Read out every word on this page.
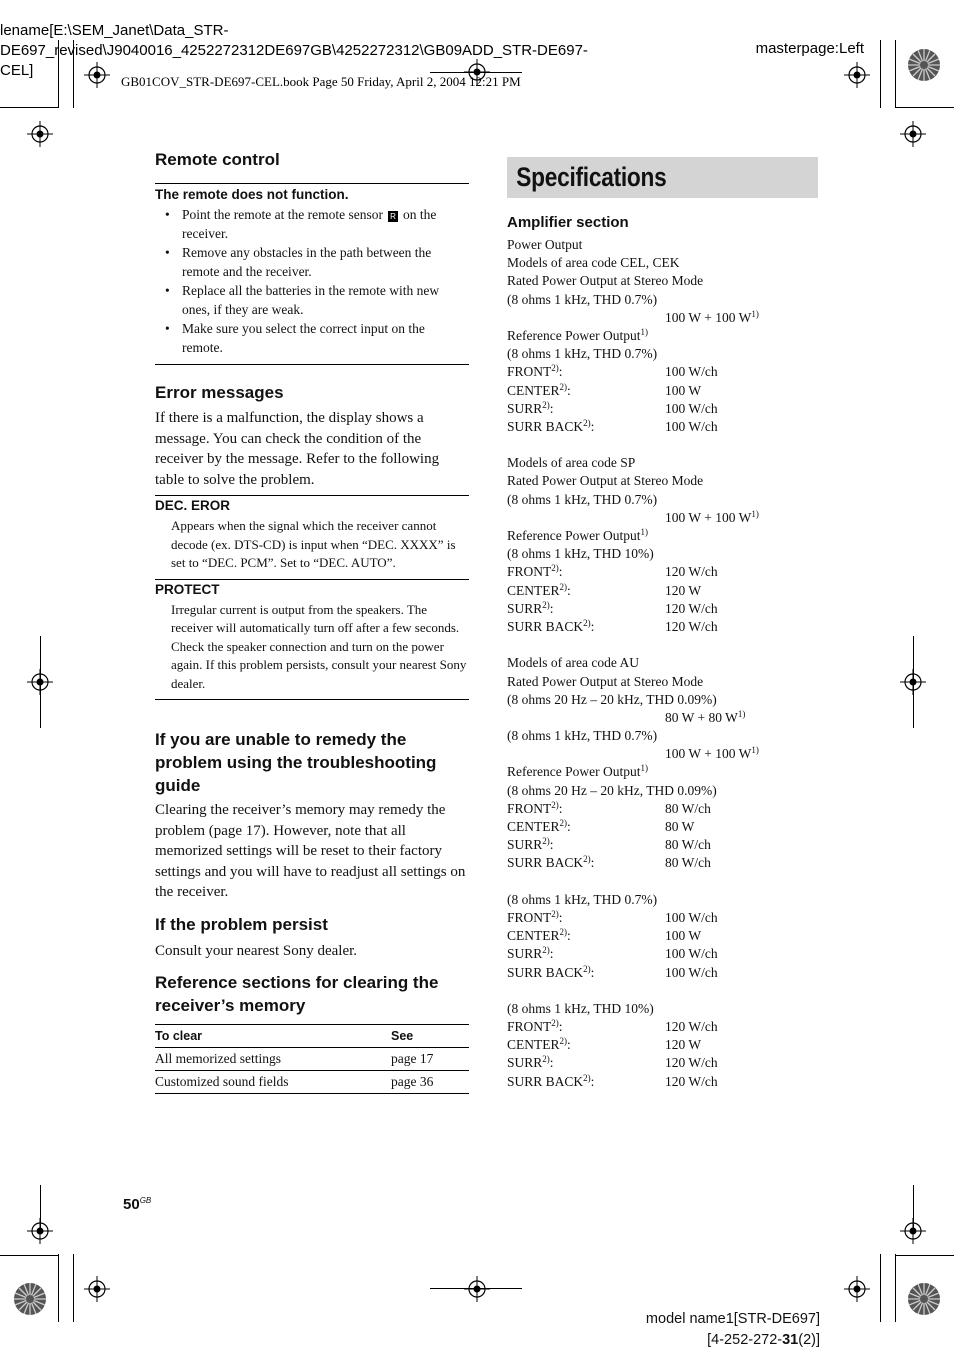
lename[E:\SEM_Janet\Data_STR-
DE697_revised\J9040016_4252272312DE697GB\4252272312\GB09ADD_STR-DE697-
CEL]
masterpage:Left
GB01COV_STR-DE697-CEL.book Page 50 Friday, April 2, 2004 12:21 PM
Remote control
The remote does not function.
• Point the remote at the remote sensor R on the receiver.
• Remove any obstacles in the path between the remote and the receiver.
• Replace all the batteries in the remote with new ones, if they are weak.
• Make sure you select the correct input on the remote.
Error messages
If there is a malfunction, the display shows a message. You can check the condition of the receiver by the message. Refer to the following table to solve the problem.
DEC. EROR
Appears when the signal which the receiver cannot decode (ex. DTS-CD) is input when “DEC. XXXX” is set to “DEC. PCM”. Set to “DEC. AUTO”.
PROTECT
Irregular current is output from the speakers. The receiver will automatically turn off after a few seconds. Check the speaker connection and turn on the power again. If this problem persists, consult your nearest Sony dealer.
If you are unable to remedy the problem using the troubleshooting guide
Clearing the receiver’s memory may remedy the problem (page 17). However, note that all memorized settings will be reset to their factory settings and you will have to readjust all settings on the receiver.
If the problem persist
Consult your nearest Sony dealer.
Reference sections for clearing the receiver’s memory
To clear	See
All memorized settings	page 17
Customized sound fields	page 36
Specifications
Amplifier section
Power Output
Models of area code CEL, CEK
Rated Power Output at Stereo Mode
(8 ohms 1 kHz, THD 0.7%)
100 W + 100 $W^{1)}$
Reference Power Output$^{1)}$
(8 ohms 1 kHz, THD 0.7%)
FRONT$^{2)}$:	100 W/ch
CENTER$^{2)}$:	100 W
SURR$^{2)}$:	100 W/ch
SURR BACK$^{2)}$:	100 W/ch
Models of area code SP
Rated Power Output at Stereo Mode
(8 ohms 1 kHz, THD 0.7%)
100 W + 100 $W^{1)}$
Reference Power Output$^{1)}$
(8 ohms 1 kHz, THD 10%)
FRONT$^{2)}$:	120 W/ch
CENTER$^{2)}$:	120 W
SURR$^{2)}$:	120 W/ch
SURR BACK$^{2)}$:	120 W/ch
Models of area code AU
Rated Power Output at Stereo Mode
(8 ohms 20 Hz – 20 kHz, THD 0.09%)
80 W + 80 $W^{1)}$
(8 ohms 1 kHz, THD 0.7%)
100 W + 100 $W^{1)}$
Reference Power Output$^{1)}$
(8 ohms 20 Hz – 20 kHz, THD 0.09%)
FRONT$^{2)}$:	80 W/ch
CENTER$^{2)}$:	80 W
SURR$^{2)}$:	80 W/ch
SURR BACK$^{2)}$:	80 W/ch
(8 ohms 1 kHz, THD 0.7%)
FRONT$^{2)}$:	100 W/ch
CENTER$^{2)}$:	100 W
SURR$^{2)}$:	100 W/ch
SURR BACK$^{2)}$:	100 W/ch
(8 ohms 1 kHz, THD 10%)
FRONT$^{2)}$:	120 W/ch
CENTER$^{2)}$:	120 W
SURR$^{2)}$:	120 W/ch
SURR BACK$^{2)}$:	120 W/ch
$50^{GB}$
model name1[STR-DE697]
[4-252-272-31(2)]
